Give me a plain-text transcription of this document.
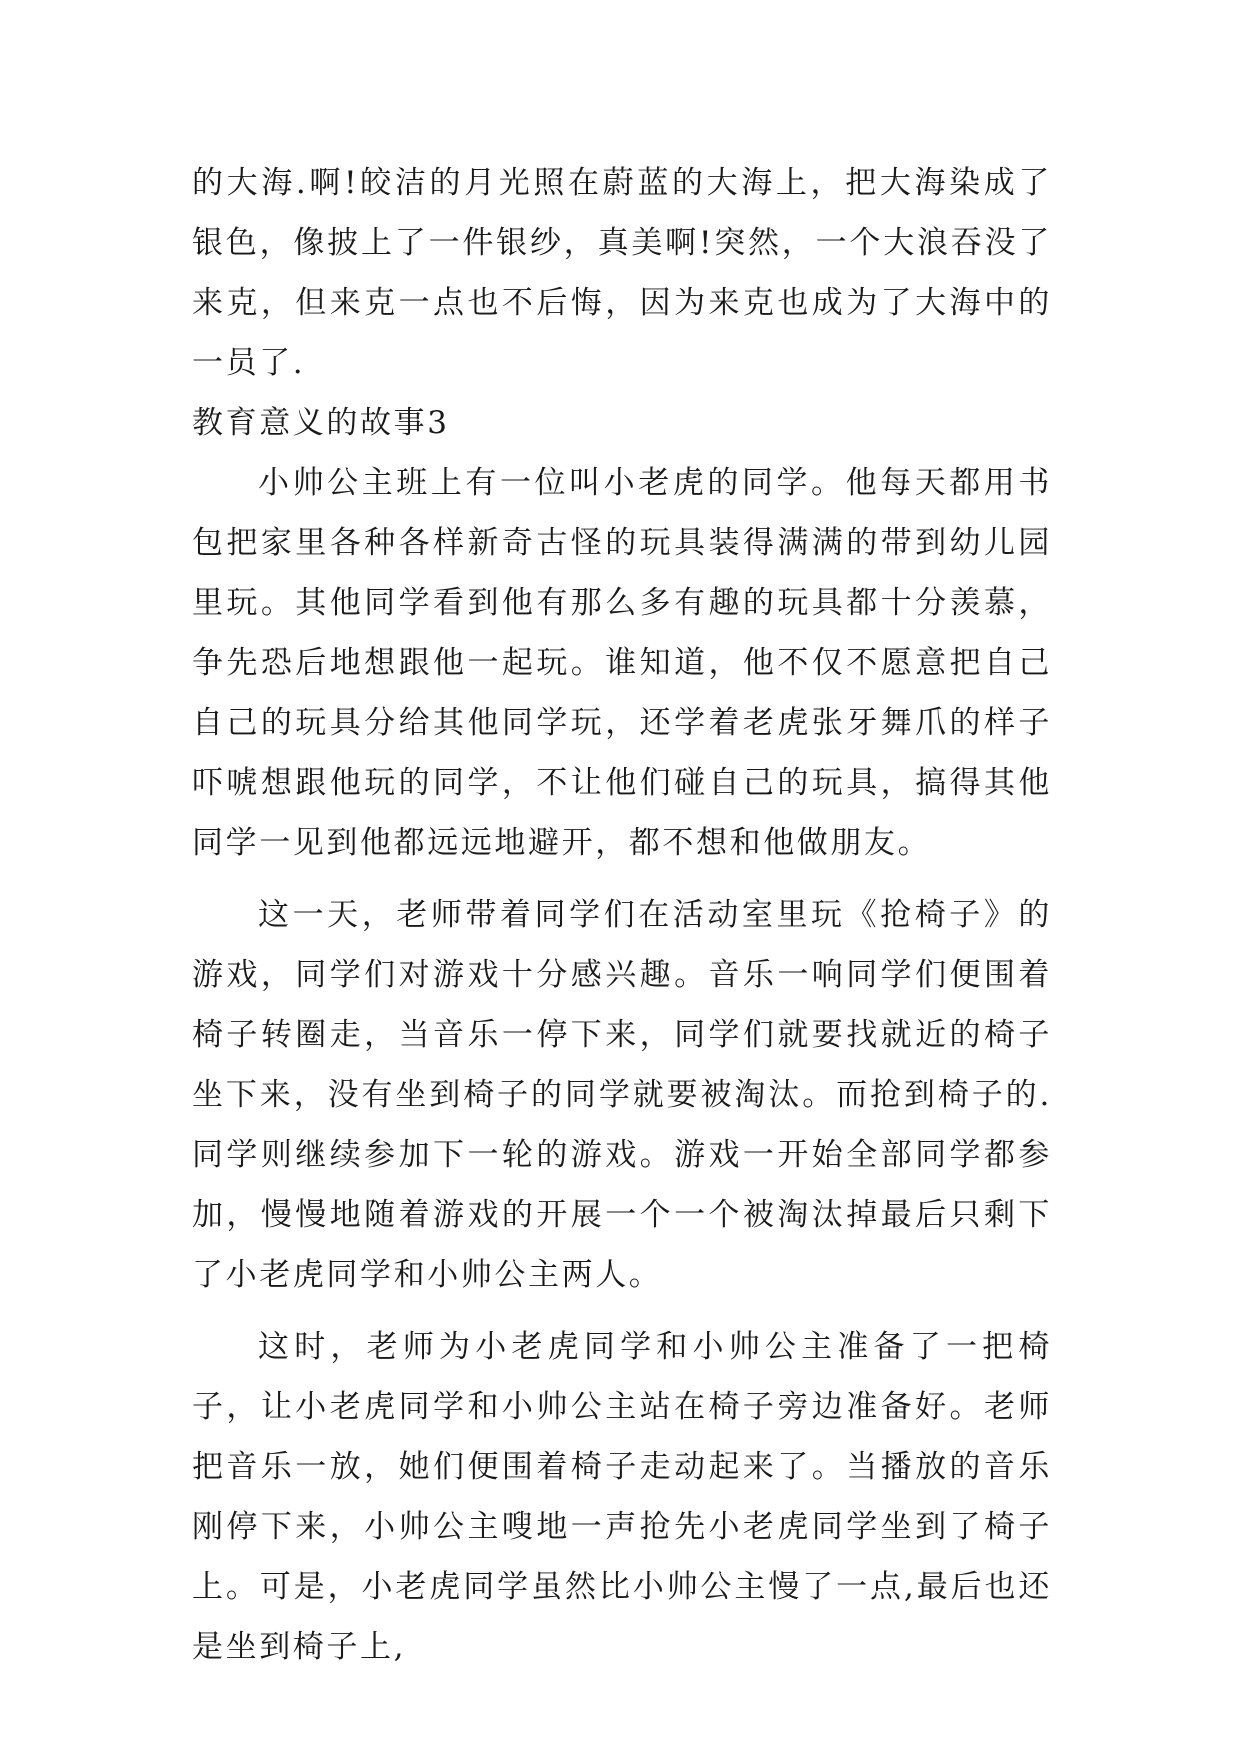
的大海.啊!皎洁的月光照在蔚蓝的大海上，把大海染成了银色，像披上了一件银纱，真美啊!突然，一个大浪吞没了来克，但来克一点也不后悔，因为来克也成为了大海中的一员了.

教育意义的故事3

小帅公主班上有一位叫小老虎的同学。他每天都用书包把家里各种各样新奇古怪的玩具装得满满的带到幼儿园里玩。其他同学看到他有那么多有趣的玩具都十分羡慕，争先恐后地想跟他一起玩。谁知道，他不仅不愿意把自己自己的玩具分给其他同学玩，还学着老虎张牙舞爪的样子吓唬想跟他玩的同学，不让他们碰自己的玩具，搞得其他同学一见到他都远远地避开，都不想和他做朋友。

这一天，老师带着同学们在活动室里玩《抢椅子》的游戏，同学们对游戏十分感兴趣。音乐一响同学们便围着椅子转圈走，当音乐一停下来，同学们就要找就近的椅子坐下来，没有坐到椅子的同学就要被淘汰。而抢到椅子的.同学则继续参加下一轮的游戏。游戏一开始全部同学都参加，慢慢地随着游戏的开展一个一个被淘汰掉最后只剩下了小老虎同学和小帅公主两人。

这时，老师为小老虎同学和小帅公主准备了一把椅子，让小老虎同学和小帅公主站在椅子旁边准备好。老师把音乐一放，她们便围着椅子走动起来了。当播放的音乐刚停下来，小帅公主嗖地一声抢先小老虎同学坐到了椅子上。可是，小老虎同学虽然比小帅公主慢了一点,最后也还是坐到椅子上,
